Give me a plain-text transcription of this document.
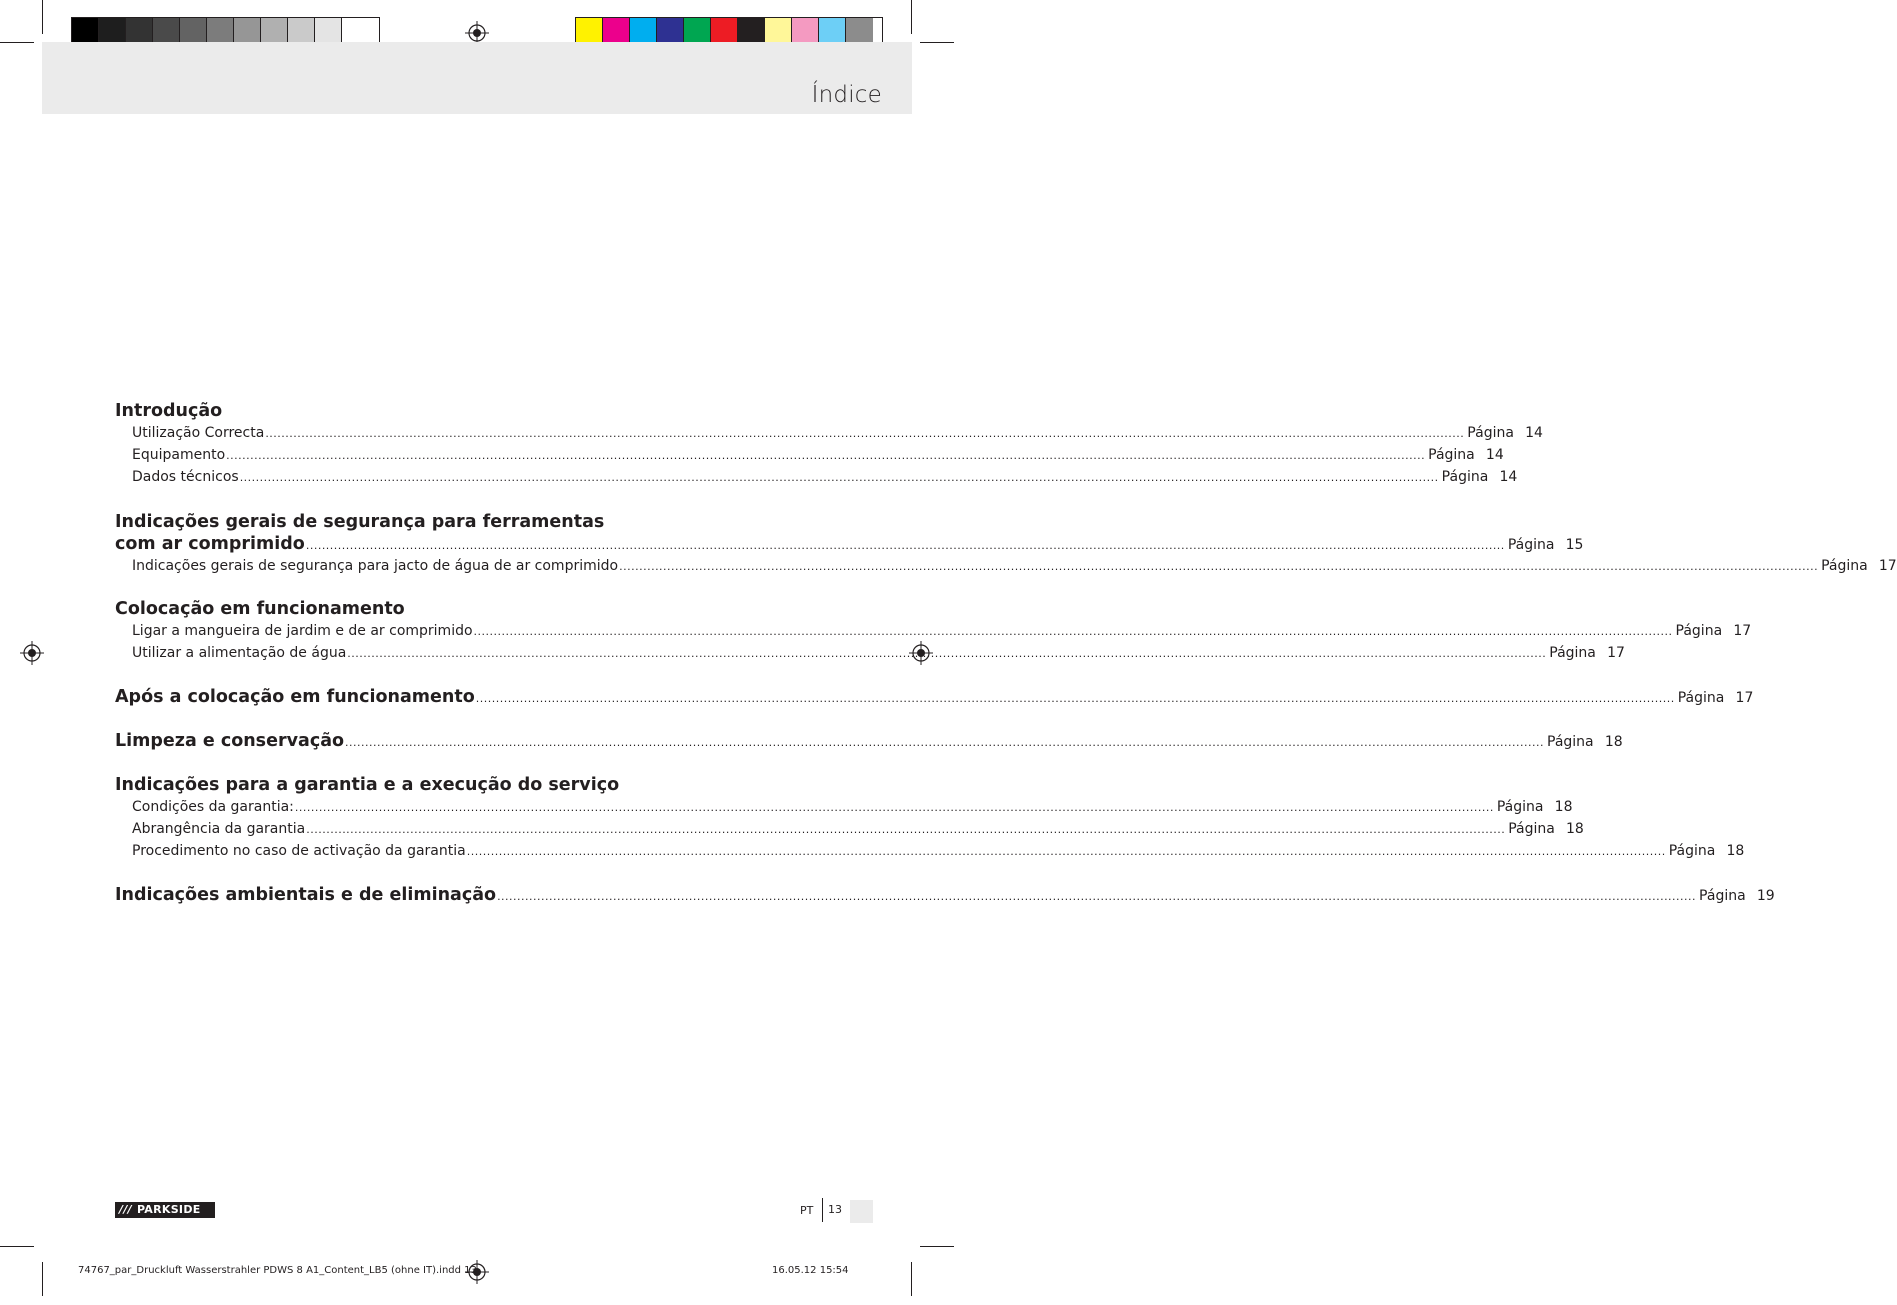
Índice
Introdução
Utilização Correcta ............................................................................................................................................................................................................................................................................................................ Página 14
Equipamento ............................................................................................................................................................................................................................................................................................................ Página 14
Dados técnicos ............................................................................................................................................................................................................................................................................................................ Página 14
Indicações gerais de segurança para ferramentas
com ar comprimido ............................................................................................................................................................................................................................................................................................................ Página 15
Indicações gerais de segurança para jacto de água de ar comprimido ............................................................................................................................................................................................................................................................................................................ Página 17
Colocação em funcionamento
Ligar a mangueira de jardim e de ar comprimido ............................................................................................................................................................................................................................................................................................................ Página 17
Utilizar a alimentação de água ............................................................................................................................................................................................................................................................................................................ Página 17
Após a colocação em funcionamento ............................................................................................................................................................................................................................................................................................................ Página 17
Limpeza e conservação ............................................................................................................................................................................................................................................................................................................ Página 18
Indicações para a garantia e a execução do serviço
Condições da garantia: ............................................................................................................................................................................................................................................................................................................ Página 18
Abrangência da garantia ............................................................................................................................................................................................................................................................................................................ Página 18
Procedimento no caso de activação da garantia ............................................................................................................................................................................................................................................................................................................ Página 18
Indicações ambientais e de eliminação ............................................................................................................................................................................................................................................................................................................ Página 19
/// PARKSIDE	PT	13
74767_par_Druckluft Wasserstrahler PDWS 8 A1_Content_LB5 (ohne IT).indd 13	16.05.12 15:54
